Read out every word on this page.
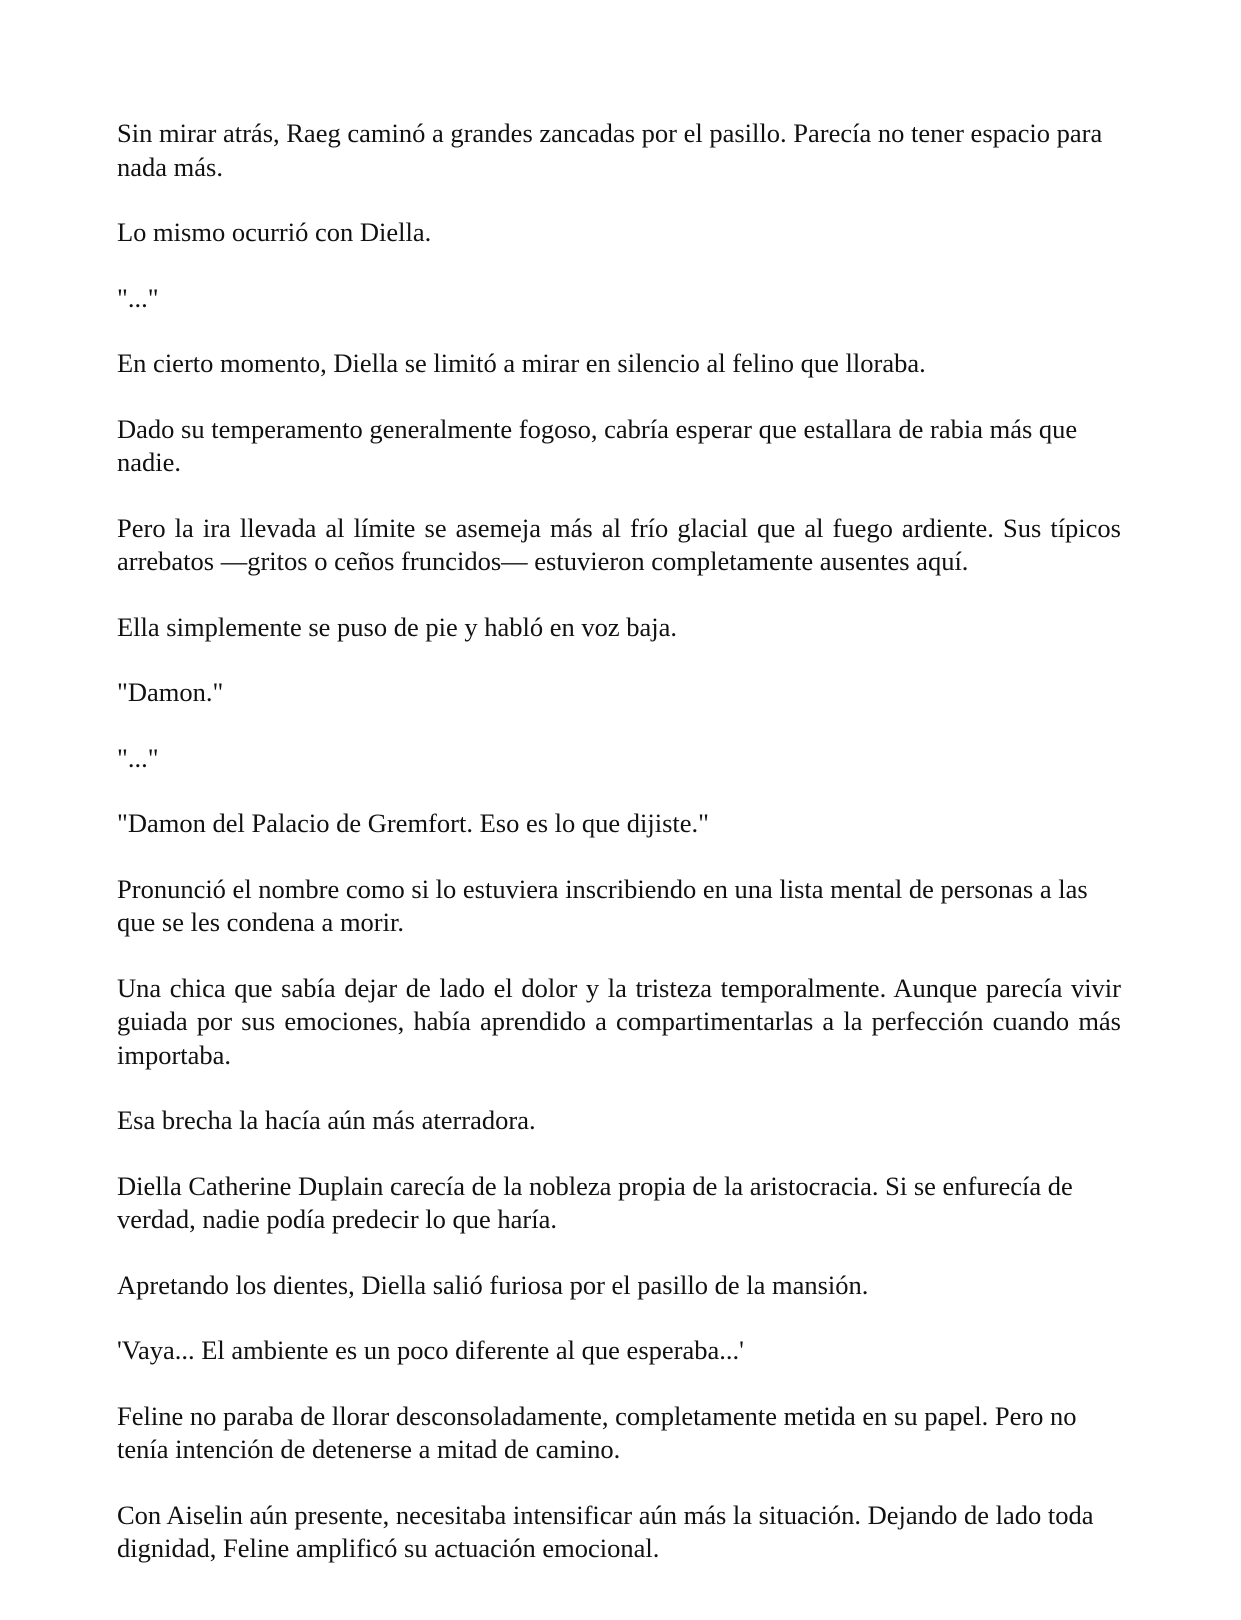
Sin mirar atrás, Raeg caminó a grandes zancadas por el pasillo. Parecía no tener espacio para nada más.

Lo mismo ocurrió con Diella.

"..."

En cierto momento, Diella se limitó a mirar en silencio al felino que lloraba.

Dado su temperamento generalmente fogoso, cabría esperar que estallara de rabia más que nadie.

Pero la ira llevada al límite se asemeja más al frío glacial que al fuego ardiente. Sus típicos arrebatos —gritos o ceños fruncidos— estuvieron completamente ausentes aquí.

Ella simplemente se puso de pie y habló en voz baja.

"Damon."

"..."

"Damon del Palacio de Gremfort. Eso es lo que dijiste."

Pronunció el nombre como si lo estuviera inscribiendo en una lista mental de personas a las que se les condena a morir.

Una chica que sabía dejar de lado el dolor y la tristeza temporalmente. Aunque parecía vivir guiada por sus emociones, había aprendido a compartimentarlas a la perfección cuando más importaba.

Esa brecha la hacía aún más aterradora.

Diella Catherine Duplain carecía de la nobleza propia de la aristocracia. Si se enfurecía de verdad, nadie podía predecir lo que haría.

Apretando los dientes, Diella salió furiosa por el pasillo de la mansión.

'Vaya... El ambiente es un poco diferente al que esperaba...'

Feline no paraba de llorar desconsoladamente, completamente metida en su papel. Pero no tenía intención de detenerse a mitad de camino.

Con Aiselin aún presente, necesitaba intensificar aún más la situación. Dejando de lado toda dignidad, Feline amplificó su actuación emocional.
